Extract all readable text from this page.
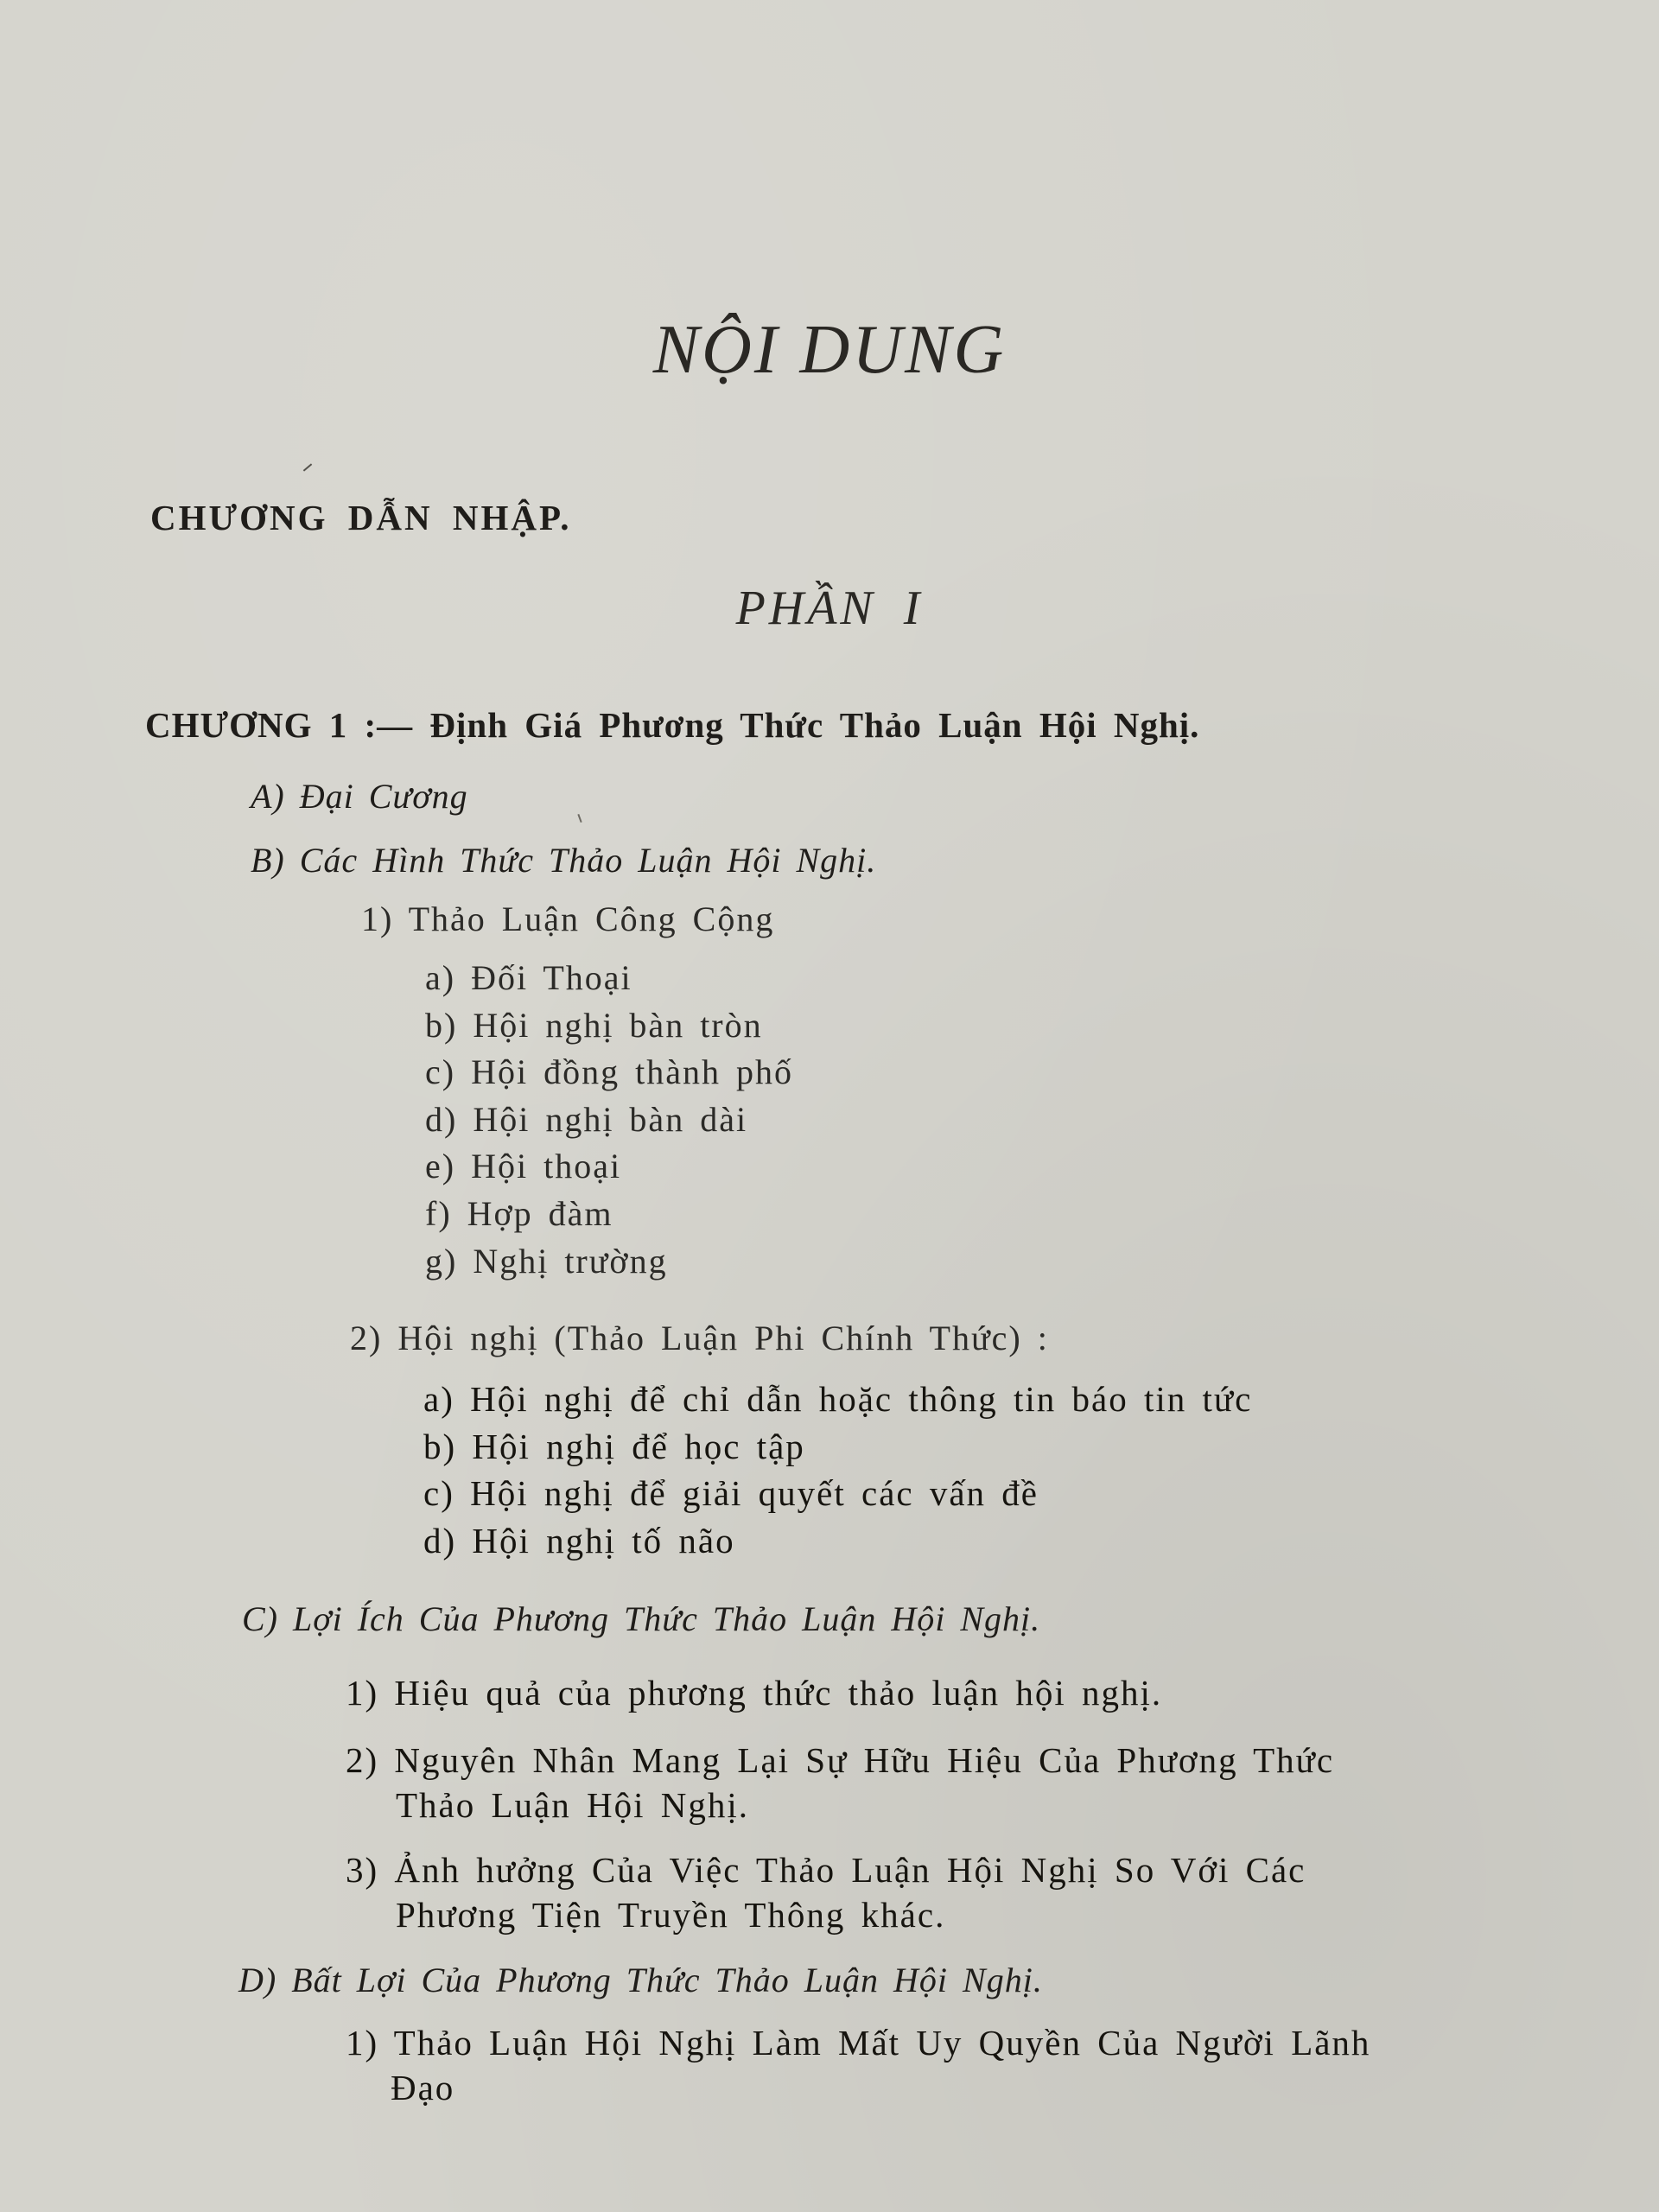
NỘI DUNG
CHƯƠNG DẪN NHẬP.
PHẦN I
CHƯƠNG 1 :— Định Giá Phương Thức Thảo Luận Hội Nghị.
A) Đại Cương
B) Các Hình Thức Thảo Luận Hội Nghị.
1) Thảo Luận Công Cộng
a) Đối Thoại
b) Hội nghị bàn tròn
c) Hội đồng thành phố
d) Hội nghị bàn dài
e) Hội thoại
f) Hợp đàm
g) Nghị trường
2) Hội nghị (Thảo Luận Phi Chính Thức) :
a) Hội nghị để chỉ dẫn hoặc thông tin báo tin tức
b) Hội nghị để học tập
c) Hội nghị để giải quyết các vấn đề
d) Hội nghị tố não
C) Lợi Ích Của Phương Thức Thảo Luận Hội Nghị.
1) Hiệu quả của phương thức thảo luận hội nghị.
2) Nguyên Nhân Mang Lại Sự Hữu Hiệu Của Phương Thức
Thảo Luận Hội Nghị.
3) Ảnh hưởng Của Việc Thảo Luận Hội Nghị So Với Các
Phương Tiện Truyền Thông khác.
D) Bất Lợi Của Phương Thức Thảo Luận Hội Nghị.
1) Thảo Luận Hội Nghị Làm Mất Uy Quyền Của Người Lãnh
Đạo
